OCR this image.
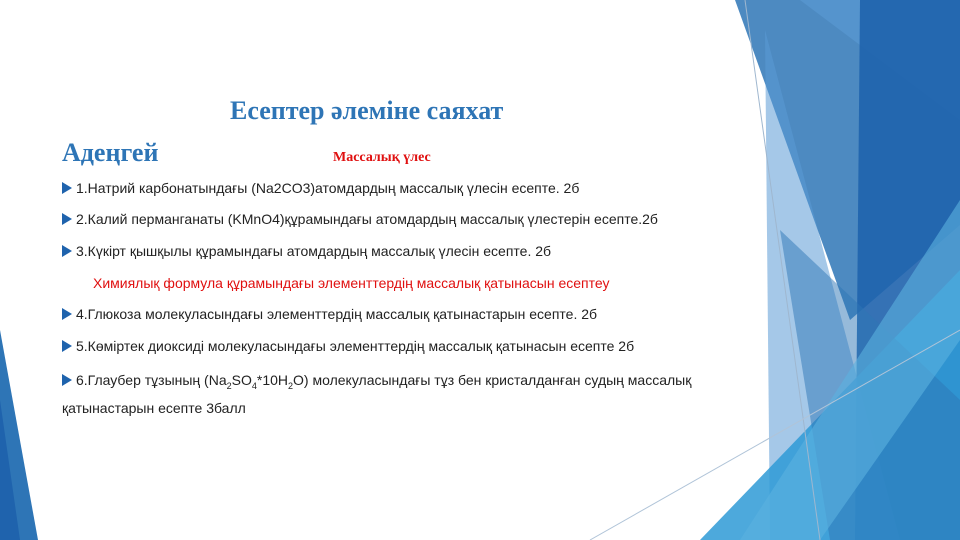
Есептер әлеміне саяхат
Адеңгей	Массалық үлес
1.Натрий карбонатындағы (Na2CO3)атомдардың массалық үлесін есепте. 2б
2.Калий перманганаты (KMnO4)құрамындағы атомдардың массалық үлестерін есепте.2б
3.Күкірт қышқылы құрамындағы атомдардың массалық үлесін есепте. 2б
Химиялық формула құрамындағы элементтердің массалық қатынасын есептеу
4.Глюкоза молекуласындағы элементтердің массалық қатынастарын есепте. 2б
5.Көміртек диоксиді молекуласындағы элементтердің массалық қатынасын есепте 2б
6.Глаубер тұзының $(Na_2SO_4*10H_2O)$ молекуласындағы тұз бен кристалданған судың массалық қатынастарын есепте 3балл
